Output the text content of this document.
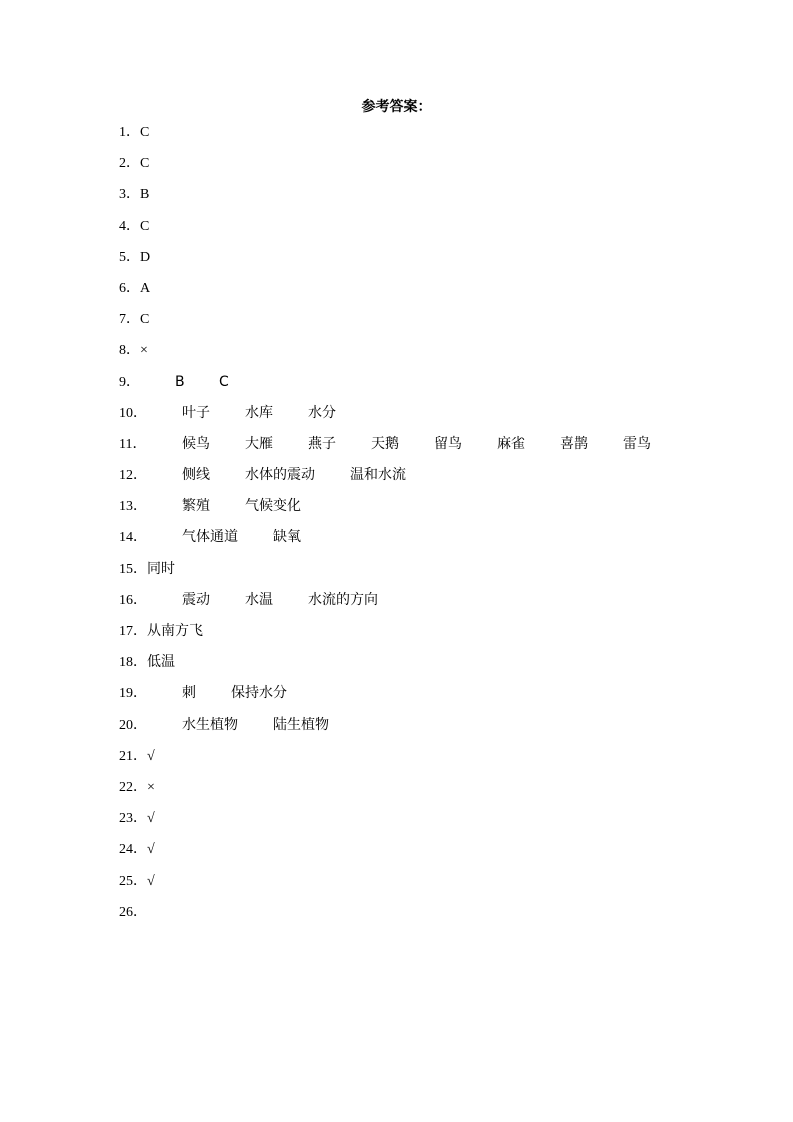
参考答案：
1．C
2．C
3．B
4．C
5．D
6．A
7．C
8．×
9．	B C
10．	叶子	水库	水分
11．	候鸟	大雁	燕子	天鹅	留鸟	麻雀	喜鹊	雷鸟
12．	侧线	水体的震动	温和水流
13．	繁殖	气候变化
14．	气体通道	缺氧
15．同时
16．	震动	水温	水流的方向
17．从南方飞
18．低温
19．	刺	保持水分
20．	水生植物	陆生植物
21．√
22．×
23．√
24．√
25．√
26．
